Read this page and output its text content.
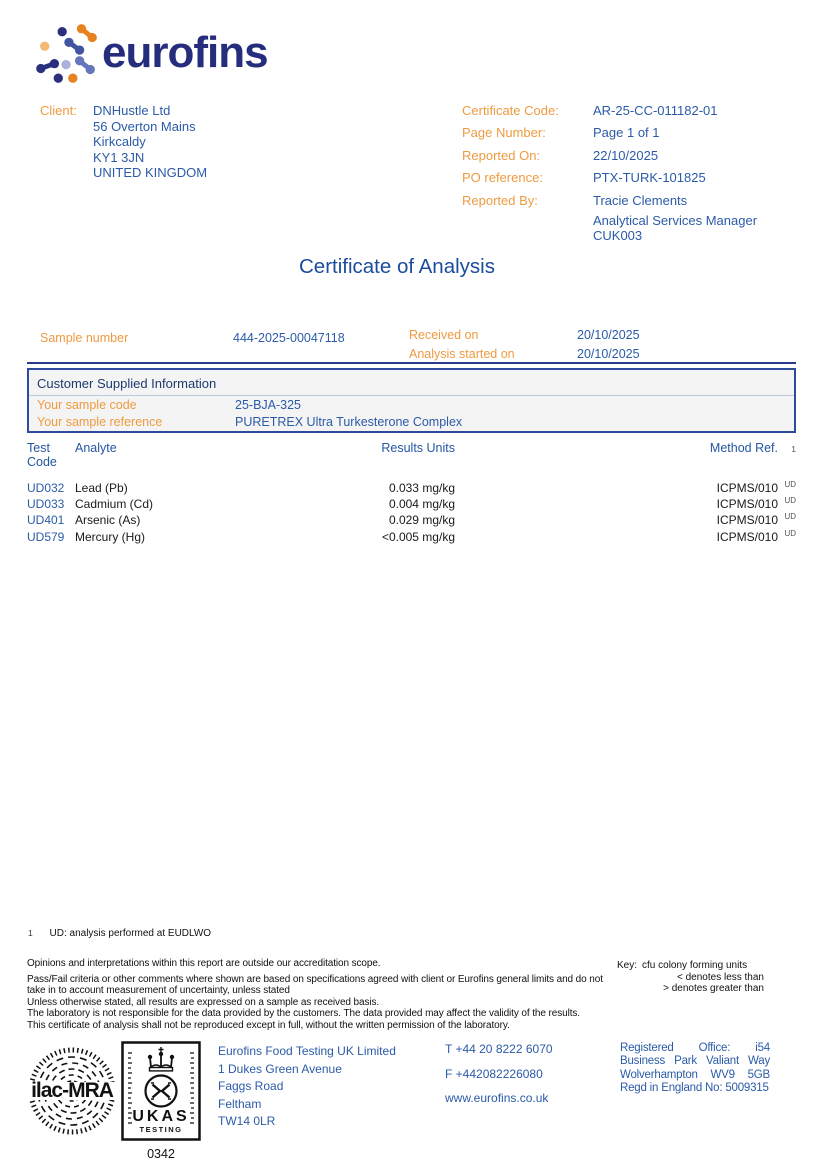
eurofins
Client:	DNHustle Ltd
56 Overton Mains
Kirkcaldy
KY1 3JN
UNITED KINGDOM
Certificate Code:	AR-25-CC-011182-01
Page Number:	Page 1 of 1
Reported On:	22/10/2025
PO reference:	PTX-TURK-101825
Reported By:	Tracie Clements
Analytical Services Manager
CUK003
Certificate of Analysis
Sample number	444-2025-00047118	Received on	20/10/2025
Analysis started on	20/10/2025
Customer Supplied Information
Your sample code	25-BJA-325
Your sample reference	PURETREX Ultra Turkesterone Complex
Test Code
Analyte	Results Units	Method Ref.	1
UD032 Lead (Pb)	0.033 mg/kg	ICPMS/010 $^{UD}$
UD033 Cadmium (Cd)	0.004 mg/kg	ICPMS/010 $^{UD}$
UD401 Arsenic (As)	0.029 mg/kg	ICPMS/010 $^{UD}$
UD579 Mercury (Hg)	<0.005 mg/kg	ICPMS/010 $^{UD}$
$^1$ UD: analysis performed at EUDLWO

Opinions and interpretations within this report are outside our accreditation scope.

Pass/Fail criteria or other comments where shown are based on specifications agreed with client or Eurofins general limits and do not take in to account measurement of uncertainty, unless stated

Unless otherwise stated, all results are expressed on a sample as received basis.

The laboratory is not responsible for the data provided by the customers. The data provided may affect the validity of the results.

This certificate of analysis shall not be reproduced except in full, without the written permission of the laboratory.

Key: cfu colony forming units
< denotes less than
> denotes greater than
ilac-MRA
UKAS
TESTING
0342
Eurofins Food Testing UK Limited
1 Dukes Green Avenue
Faggs Road
Feltham
TW14 0LR
T +44 20 8222 6070
F +442082226080
www.eurofins.co.uk
Registered Office: i54
Business Park Valiant Way
Wolverhampton WV9 5GB
Regd in England No: 5009315
